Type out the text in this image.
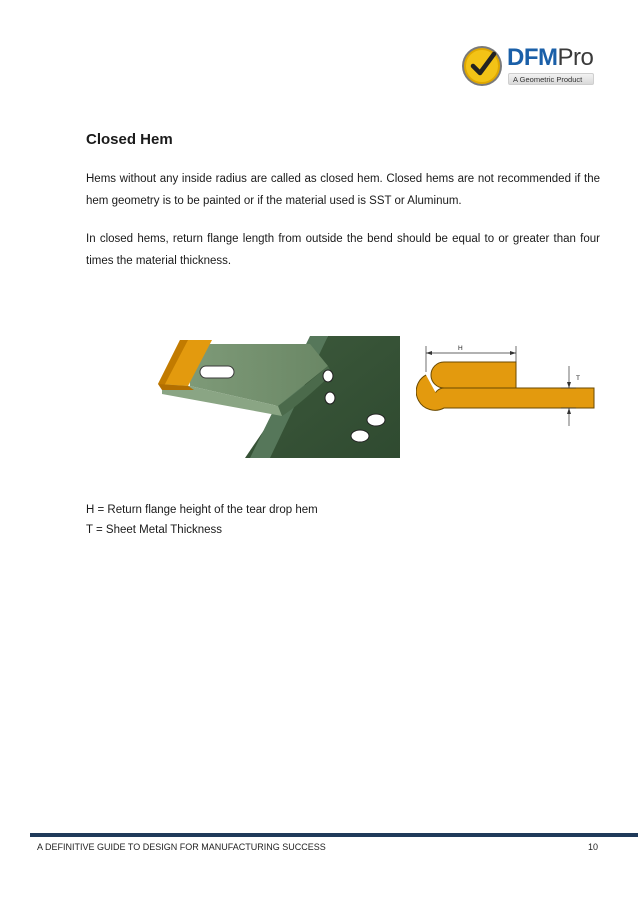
DFMPro
A Geometric Product
Closed Hem
Hems without any inside radius are called as closed hem. Closed hems are not recommended if the hem geometry is to be painted or if the material used is SST or Aluminum.
In closed hems, return flange length from outside the bend should be equal to or greater than four times the material thickness.
H
T
H = Return flange height of the tear drop hem
T = Sheet Metal Thickness
A DEFINITIVE GUIDE TO DESIGN FOR MANUFACTURING SUCCESS	10
